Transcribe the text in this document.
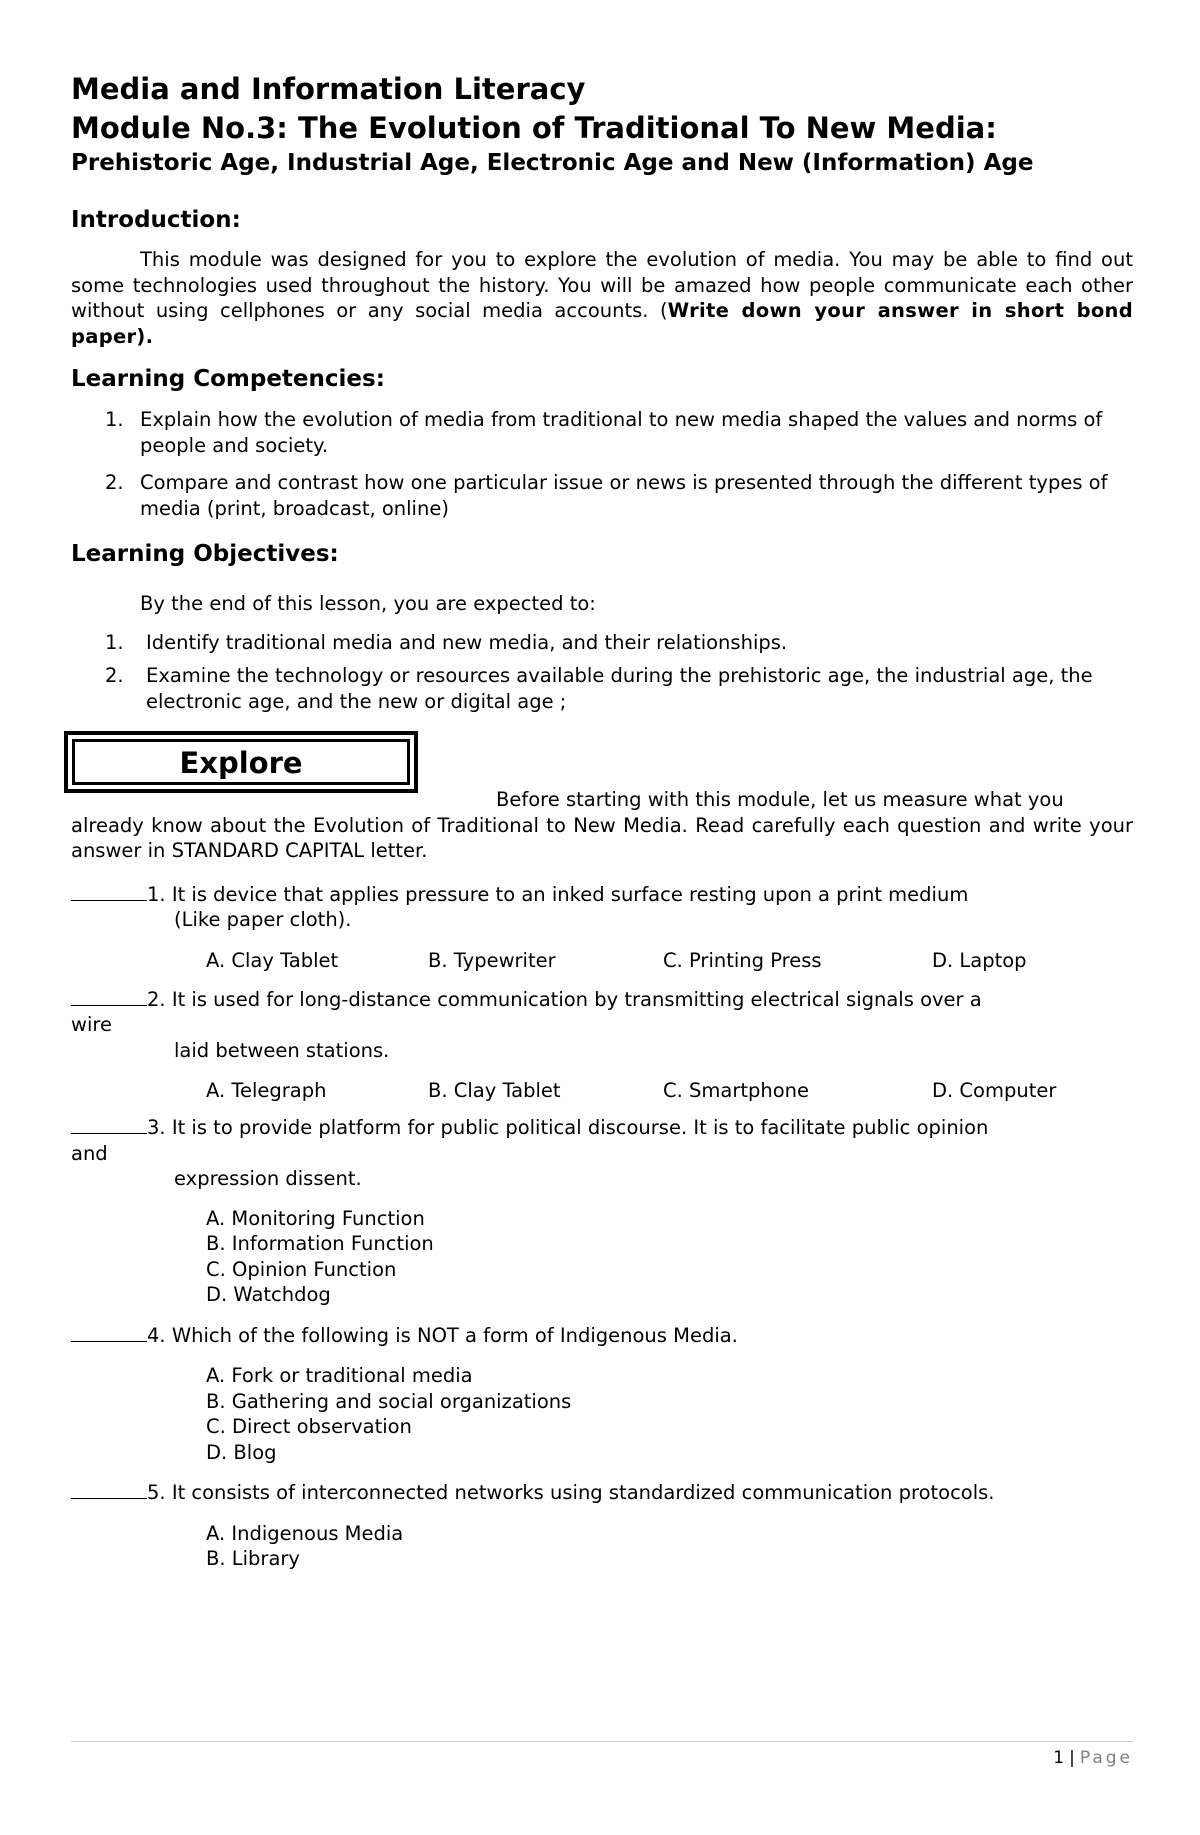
Media and Information Literacy

Module No.3: The Evolution of Traditional To New Media:

Prehistoric Age, Industrial Age, Electronic Age and New (Information) Age

Introduction:

This module was designed for you to explore the evolution of media. You may be able to find out some technologies used throughout the history. You will be amazed how people communicate each other without using cellphones or any social media accounts. (Write down your answer in short bond paper).

Learning Competencies:

1. Explain how the evolution of media from traditional to new media shaped the values and norms of people and society.
2. Compare and contrast how one particular issue or news is presented through the different types of media (print, broadcast, online)

Learning Objectives:

By the end of this lesson, you are expected to:

1. Identify traditional media and new media, and their relationships.
2. Examine the technology or resources available during the prehistoric age, the industrial age, the electronic age, and the new or digital age ;
Explore

Before starting with this module, let us measure what you

already know about the Evolution of Traditional to New Media. Read carefully each question and write your answer in STANDARD CAPITAL letter.

1. It is device that applies pressure to an inked surface resting upon a print medium

(Like paper cloth).

A. Clay Tablet	B. Typewriter	C. Printing Press	D. Laptop

2. It is used for long-distance communication by transmitting electrical signals over a

wire

laid between stations.

A. Telegraph	B. Clay Tablet	C. Smartphone	D. Computer

3. It is to provide platform for public political discourse. It is to facilitate public opinion

and

expression dissent.

A. Monitoring Function

B. Information Function

C. Opinion Function

D. Watchdog

4. Which of the following is NOT a form of Indigenous Media.

A. Fork or traditional media

B. Gathering and social organizations

C. Direct observation

D. Blog

5. It consists of interconnected networks using standardized communication protocols.

A. Indigenous Media

B. Library

1 | Page
